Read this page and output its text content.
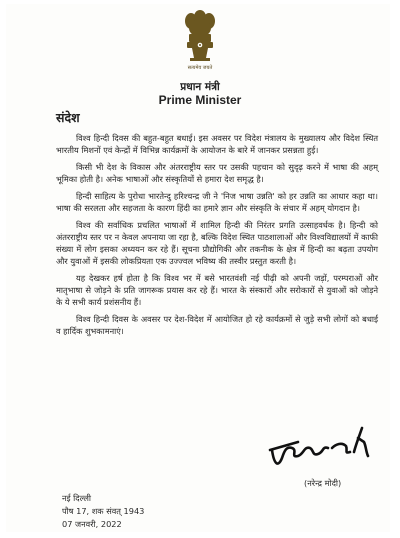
सत्यमेव जयते
प्रधान मंत्री
Prime Minister
संदेश

विश्व हिन्दी दिवस की बहुत-बहुत बधाई। इस अवसर पर विदेश मंत्रालय के मुख्यालय और विदेश स्थित भारतीय मिशनों एवं केन्द्रों में विभिन्न कार्यक्रमों के आयोजन के बारे में जानकर प्रसन्नता हुई।

किसी भी देश के विकास और अंतरराष्ट्रीय स्तर पर उसकी पहचान को सुदृढ़ करने में भाषा की अहम् भूमिका होती है। अनेक भाषाओं और संस्कृतियों से हमारा देश समृद्ध है।

हिन्दी साहित्य के पुरोधा भारतेन्दु हरिश्चन्द्र जी ने 'निज भाषा उन्नति' को हर उन्नति का आधार कहा था। भाषा की सरलता और सहजता के कारण हिंदी का हमारे ज्ञान और संस्कृति के संचार में अहम् योगदान है।

विश्व की सर्वाधिक प्रचलित भाषाओं में शामिल हिन्दी की निरंतर प्रगति उत्साहवर्धक है। हिन्दी को अंतरराष्ट्रीय स्तर पर न केवल अपनाया जा रहा है, बल्कि विदेश स्थित पाठशालाओं और विश्वविद्यालयों में काफी संख्या में लोग इसका अध्ययन कर रहे हैं। सूचना प्रौद्योगिकी और तकनीक के क्षेत्र में हिन्दी का बढ़ता उपयोग और युवाओं में इसकी लोकप्रियता एक उज्ज्वल भविष्य की तस्वीर प्रस्तुत करती है।

यह देखकर हर्ष होता है कि विश्व भर में बसे भारतवंशी नई पीढ़ी को अपनी जड़ों, परम्पराओं और मातृभाषा से जोड़ने के प्रति जागरूक प्रयास कर रहे हैं। भारत के संस्कारों और सरोकारों से युवाओं को जोड़ने के ये सभी कार्य प्रशंसनीय हैं।

विश्व हिन्दी दिवस के अवसर पर देश-विदेश में आयोजित हो रहे कार्यक्रमों से जुड़े सभी लोगों को बधाई व हार्दिक शुभकामनाएं।

(नरेन्द्र मोदी)
नई दिल्ली
पौष 17, शक संवत् 1943
07 जनवरी, 2022
